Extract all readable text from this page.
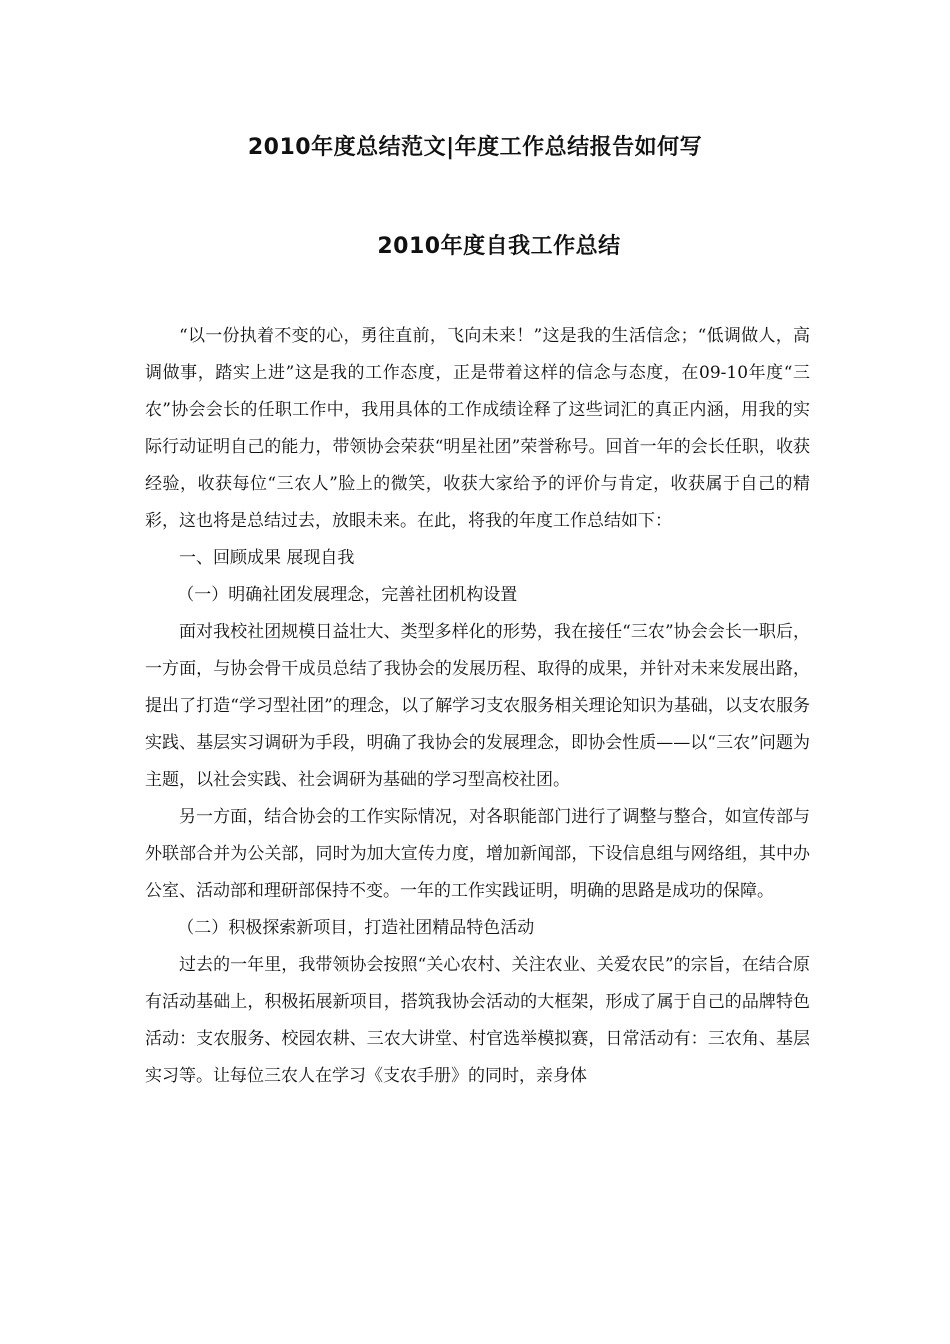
2010年度总结范文|年度工作总结报告如何写
2010年度自我工作总结

“以一份执着不变的心，勇往直前，飞向未来！”这是我的生活信念；“低调做人，高调做事，踏实上进”这是我的工作态度，正是带着这样的信念与态度，在09-10年度“三农”协会会长的任职工作中，我用具体的工作成绩诠释了这些词汇的真正内涵，用我的实际行动证明自己的能力，带领协会荣获“明星社团”荣誉称号。回首一年的会长任职，收获经验，收获每位“三农人”脸上的微笑，收获大家给予的评价与肯定，收获属于自己的精彩，这也将是总结过去，放眼未来。在此，将我的年度工作总结如下：

一、回顾成果 展现自我

（一）明确社团发展理念，完善社团机构设置

面对我校社团规模日益壮大、类型多样化的形势，我在接任“三农”协会会长一职后，一方面，与协会骨干成员总结了我协会的发展历程、取得的成果，并针对未来发展出路，提出了打造“学习型社团”的理念，以了解学习支农服务相关理论知识为基础，以支农服务实践、基层实习调研为手段，明确了我协会的发展理念，即协会性质——以“三农”问题为主题，以社会实践、社会调研为基础的学习型高校社团。

另一方面，结合协会的工作实际情况，对各职能部门进行了调整与整合，如宣传部与外联部合并为公关部，同时为加大宣传力度，增加新闻部，下设信息组与网络组，其中办公室、活动部和理研部保持不变。一年的工作实践证明，明确的思路是成功的保障。

（二）积极探索新项目，打造社团精品特色活动

过去的一年里，我带领协会按照“关心农村、关注农业、关爱农民”的宗旨，在结合原有活动基础上，积极拓展新项目，搭筑我协会活动的大框架，形成了属于自己的品牌特色活动：支农服务、校园农耕、三农大讲堂、村官选举模拟赛，日常活动有：三农角、基层实习等。让每位三农人在学习《支农手册》的同时，亲身体
